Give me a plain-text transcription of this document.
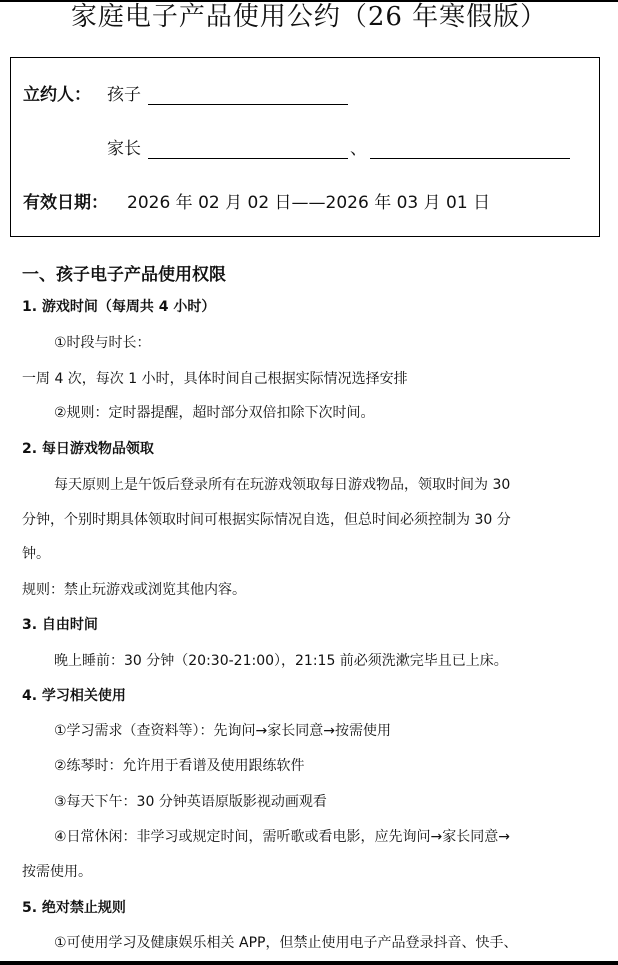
家庭电子产品使用公约（26 年寒假版）
立约人： 孩子
家长	、
有效日期： 2026 年 02 月 02 日——2026 年 03 月 01 日
一、孩子电子产品使用权限
1. 游戏时间（每周共 4 小时）
①时段与时长：
一周 4 次，每次 1 小时，具体时间自己根据实际情况选择安排
②规则：定时器提醒，超时部分双倍扣除下次时间。
2. 每日游戏物品领取
每天原则上是午饭后登录所有在玩游戏领取每日游戏物品，领取时间为 30
分钟，个别时期具体领取时间可根据实际情况自选，但总时间必须控制为 30 分
钟。
规则：禁止玩游戏或浏览其他内容。
3. 自由时间
晚上睡前：30 分钟（20:30-21:00），21:15 前必须洗漱完毕且已上床。
4. 学习相关使用
①学习需求（查资料等）：先询问→家长同意→按需使用
②练琴时：允许用于看谱及使用跟练软件
③每天下午：30 分钟英语原版影视动画观看
④日常休闲：非学习或规定时间，需听歌或看电影，应先询问→家长同意→
按需使用。
5. 绝对禁止规则
①可使用学习及健康娱乐相关 APP，但禁止使用电子产品登录抖音、快手、
